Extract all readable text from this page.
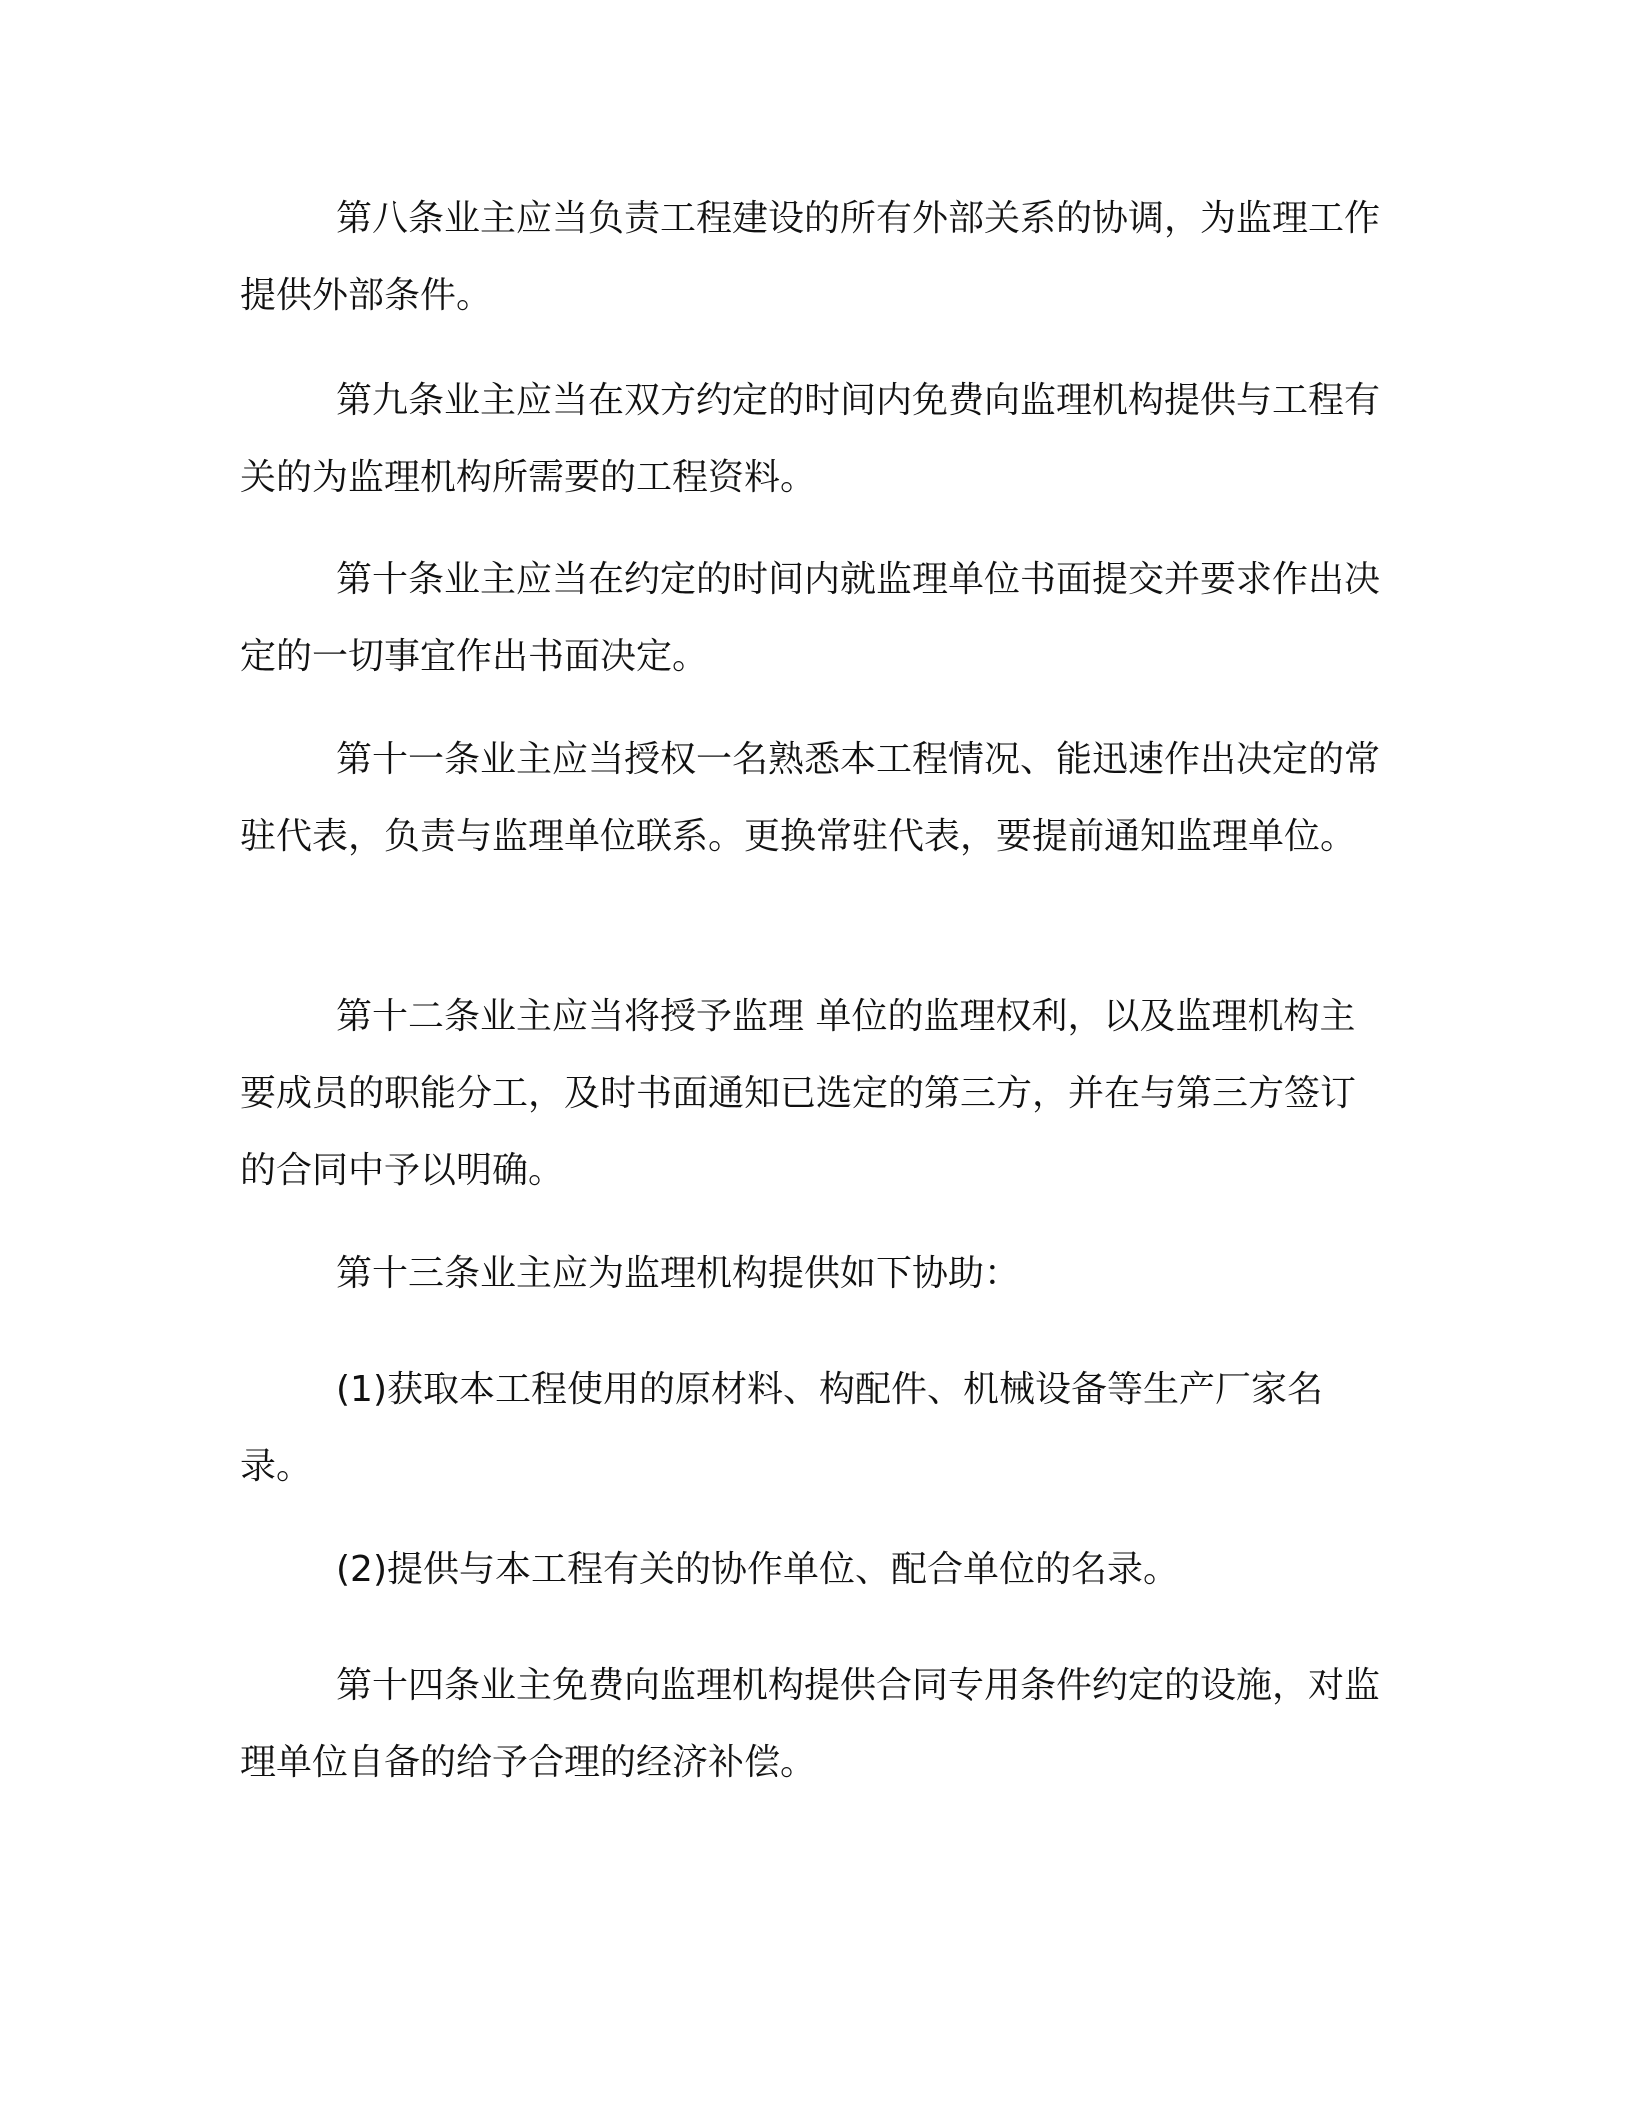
第八条业主应当负责工程建设的所有外部关系的协调，为监理工作提供外部条件。

第九条业主应当在双方约定的时间内免费向监理机构提供与工程有关的为监理机构所需要的工程资料。

第十条业主应当在约定的时间内就监理单位书面提交并要求作出决定的一切事宜作出书面决定。

第十一条业主应当授权一名熟悉本工程情况、能迅速作出决定的常驻代表，负责与监理单位联系。更换常驻代表，要提前通知监理单位。

第十二条业主应当将授予监理 单位的监理权利，以及监理机构主要成员的职能分工，及时书面通知已选定的第三方，并在与第三方签订的合同中予以明确。

第十三条业主应为监理机构提供如下协助：

(1)获取本工程使用的原材料、构配件、机械设备等生产厂家名录。

(2)提供与本工程有关的协作单位、配合单位的名录。

第十四条业主免费向监理机构提供合同专用条件约定的设施，对监理单位自备的给予合理的经济补偿。
